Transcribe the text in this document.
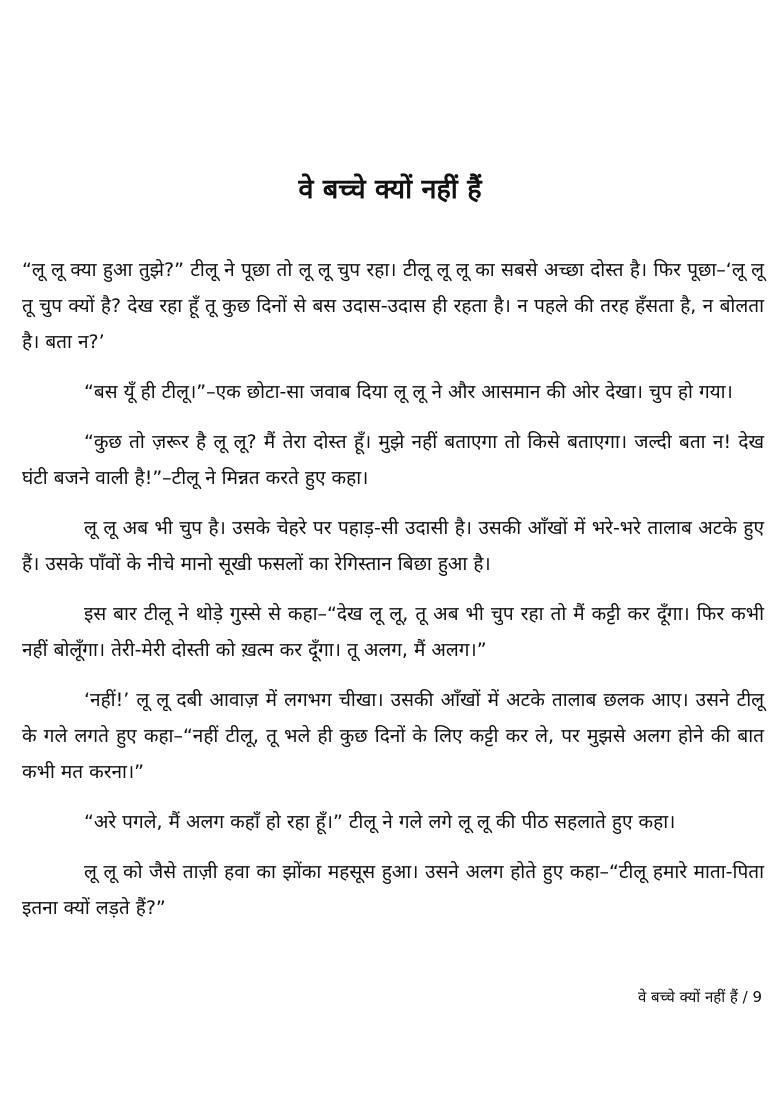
वे बच्चे क्यों नहीं हैं

“लू लू क्या हुआ तुझे?” टीलू ने पूछा तो लू लू चुप रहा। टीलू लू लू का सबसे अच्छा दोस्त है। फिर पूछा–‘लू लू तू चुप क्यों है? देख रहा हूँ तू कुछ दिनों से बस उदास-उदास ही रहता है। न पहले की तरह हँसता है, न बोलता है। बता न?’

“बस यूँ ही टीलू।”–एक छोटा-सा जवाब दिया लू लू ने और आसमान की ओर देखा। चुप हो गया।

“कुछ तो ज़रूर है लू लू? मैं तेरा दोस्त हूँ। मुझे नहीं बताएगा तो किसे बताएगा। जल्दी बता न! देख घंटी बजने वाली है!”–टीलू ने मिन्नत करते हुए कहा।

लू लू अब भी चुप है। उसके चेहरे पर पहाड़-सी उदासी है। उसकी आँखों में भरे-भरे तालाब अटके हुए हैं। उसके पाँवों के नीचे मानो सूखी फसलों का रेगिस्तान बिछा हुआ है।

इस बार टीलू ने थोड़े गुस्से से कहा–“देख लू लू, तू अब भी चुप रहा तो मैं कट्टी कर दूँगा। फिर कभी नहीं बोलूँगा। तेरी-मेरी दोस्ती को ख़त्म कर दूँगा। तू अलग, मैं अलग।”

‘नहीं!’ लू लू दबी आवाज़ में लगभग चीखा। उसकी आँखों में अटके तालाब छलक आए। उसने टीलू के गले लगते हुए कहा–“नहीं टीलू, तू भले ही कुछ दिनों के लिए कट्टी कर ले, पर मुझसे अलग होने की बात कभी मत करना।”

“अरे पगले, मैं अलग कहाँ हो रहा हूँ।” टीलू ने गले लगे लू लू की पीठ सहलाते हुए कहा।

लू लू को जैसे ताज़ी हवा का झोंका महसूस हुआ। उसने अलग होते हुए कहा–“टीलू हमारे माता-पिता इतना क्यों लड़ते हैं?”

वे बच्चे क्यों नहीं हैं / 9
